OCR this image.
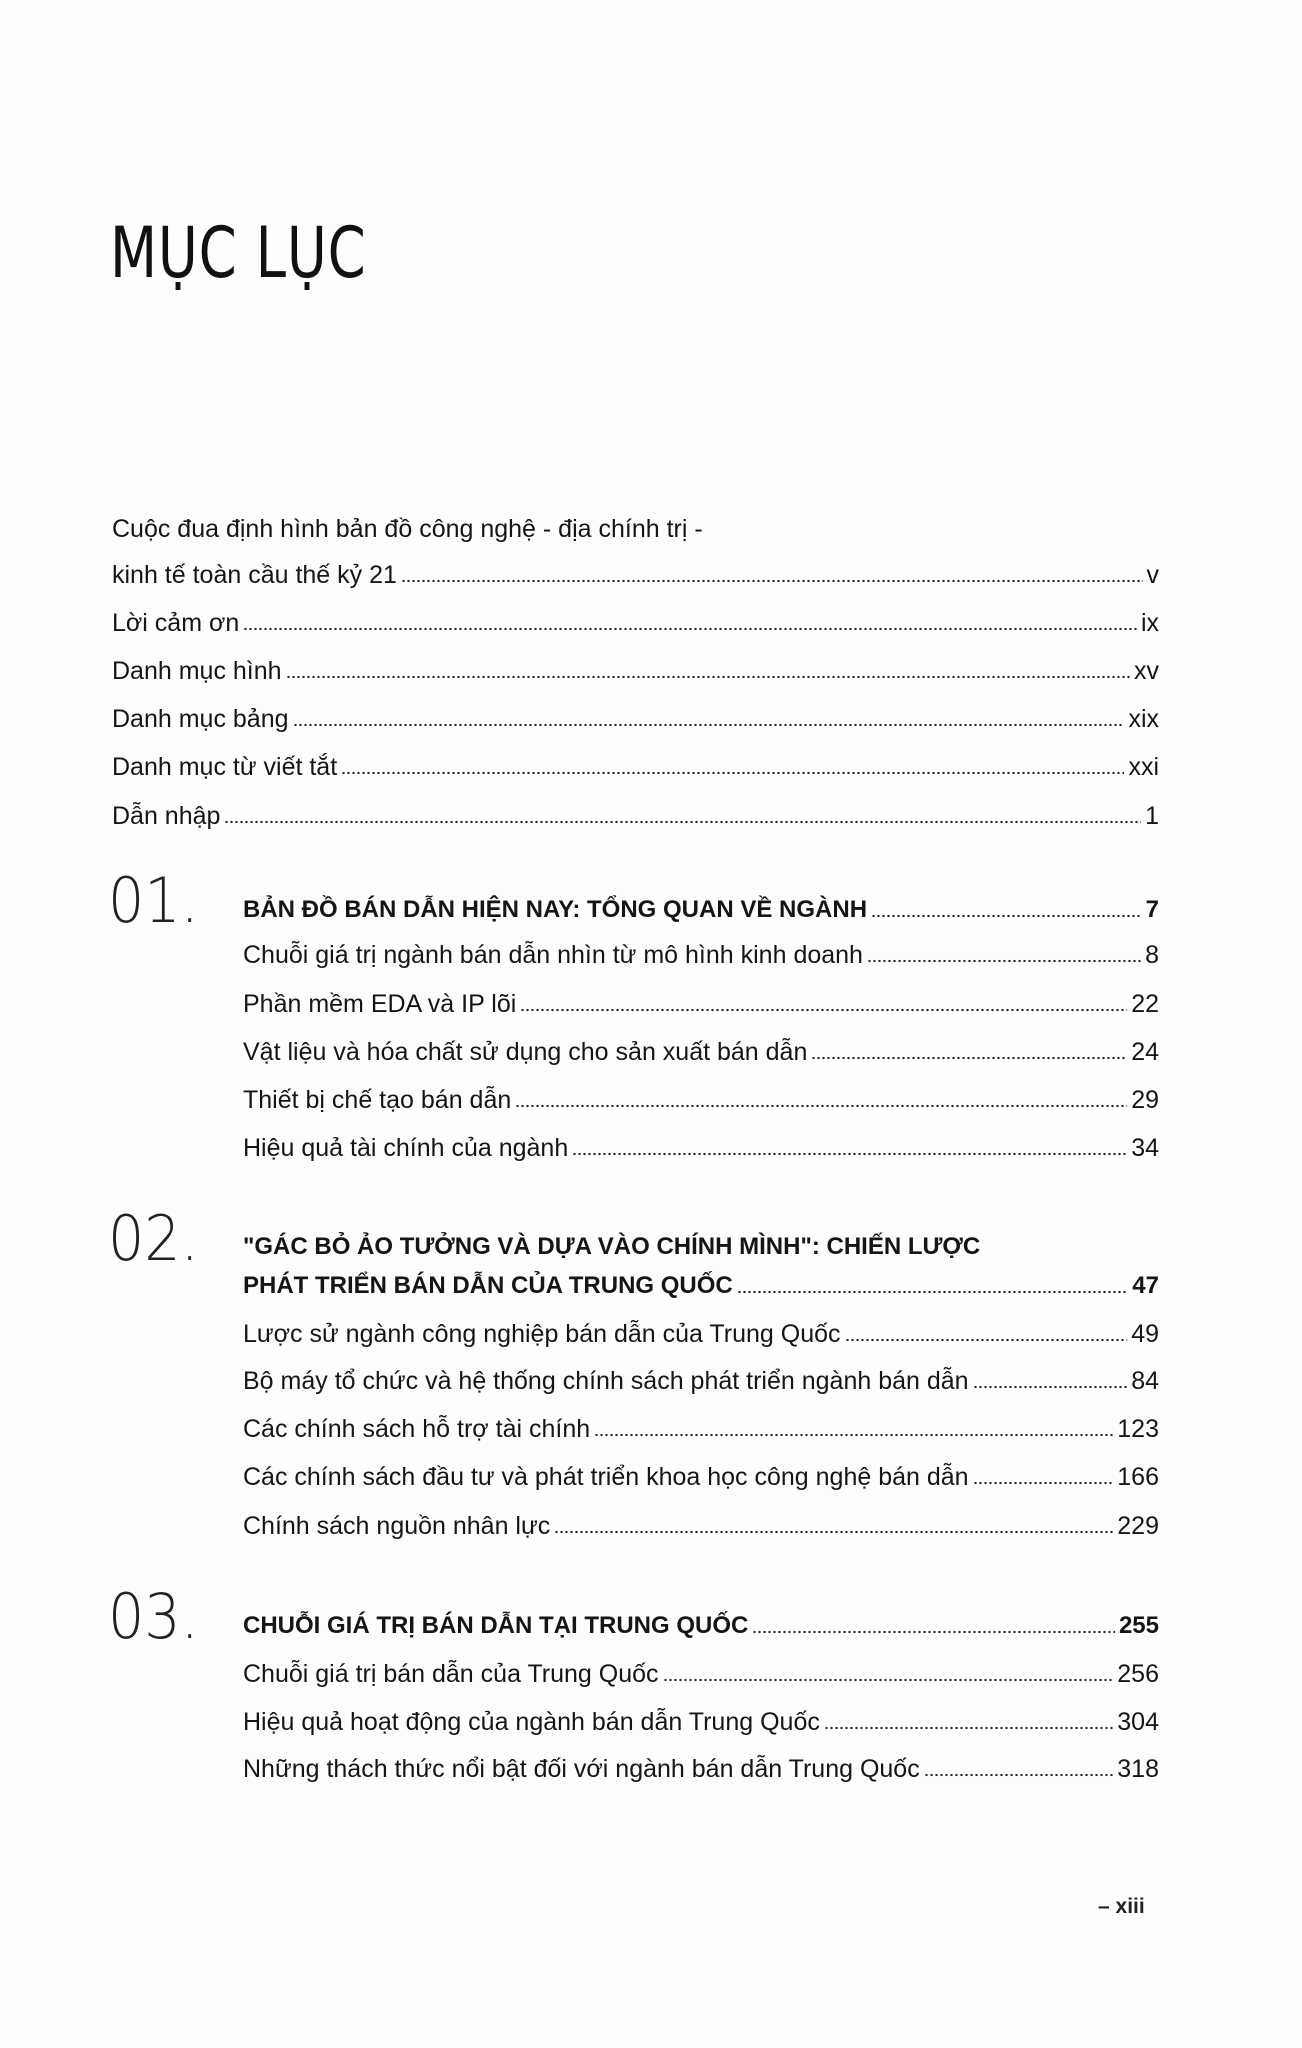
MỤC LỤC
Cuộc đua định hình bản đồ công nghệ - địa chính trị -
kinh tế toàn cầu thế kỷ 21	v
Lời cảm ơn	ix
Danh mục hình	xv
Danh mục bảng	xix
Danh mục từ viết tắt	xxi
Dẫn nhập	1
01. BẢN ĐỒ BÁN DẪN HIỆN NAY: TỔNG QUAN VỀ NGÀNH	7
Chuỗi giá trị ngành bán dẫn nhìn từ mô hình kinh doanh	8
Phần mềm EDA và IP lõi	22
Vật liệu và hóa chất sử dụng cho sản xuất bán dẫn	24
Thiết bị chế tạo bán dẫn	29
Hiệu quả tài chính của ngành	34
02. "GÁC BỎ ẢO TƯỞNG VÀ DỰA VÀO CHÍNH MÌNH": CHIẾN LƯỢC
PHÁT TRIỂN BÁN DẪN CỦA TRUNG QUỐC	47
Lược sử ngành công nghiệp bán dẫn của Trung Quốc	49
Bộ máy tổ chức và hệ thống chính sách phát triển ngành bán dẫn	84
Các chính sách hỗ trợ tài chính	123
Các chính sách đầu tư và phát triển khoa học công nghệ bán dẫn	166
Chính sách nguồn nhân lực	229
03. CHUỖI GIÁ TRỊ BÁN DẪN TẠI TRUNG QUỐC	255
Chuỗi giá trị bán dẫn của Trung Quốc	256
Hiệu quả hoạt động của ngành bán dẫn Trung Quốc	304
Những thách thức nổi bật đối với ngành bán dẫn Trung Quốc	318
– xiii
